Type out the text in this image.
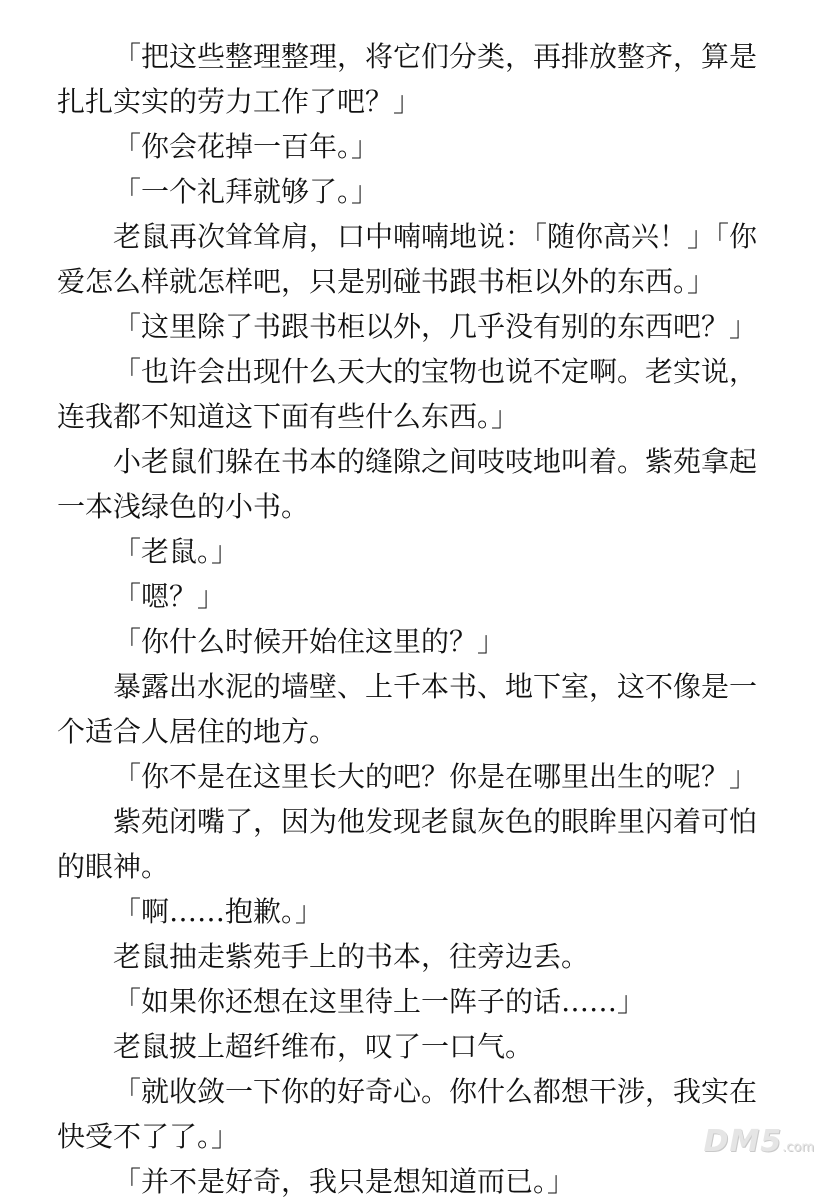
「把这些整理整理，将它们分类，再排放整齐，算是扎扎实实的劳力工作了吧？」

「你会花掉一百年。」

「一个礼拜就够了。」

老鼠再次耸耸肩，口中喃喃地说：「随你高兴！」「你爱怎么样就怎样吧，只是别碰书跟书柜以外的东西。」

「这里除了书跟书柜以外，几乎没有别的东西吧？」

「也许会出现什么天大的宝物也说不定啊。老实说，连我都不知道这下面有些什么东西。」

小老鼠们躲在书本的缝隙之间吱吱地叫着。紫苑拿起一本浅绿色的小书。

「老鼠。」

「嗯？」

「你什么时候开始住这里的？」

暴露出水泥的墙壁、上千本书、地下室，这不像是一个适合人居住的地方。

「你不是在这里长大的吧？你是在哪里出生的呢？」

紫苑闭嘴了，因为他发现老鼠灰色的眼眸里闪着可怕的眼神。

「啊……抱歉。」

老鼠抽走紫苑手上的书本，往旁边丢。

「如果你还想在这里待上一阵子的话……」

老鼠披上超纤维布，叹了一口气。

「就收敛一下你的好奇心。你什么都想干涉，我实在快受不了了。」

「并不是好奇，我只是想知道而已。」

DM5.com
